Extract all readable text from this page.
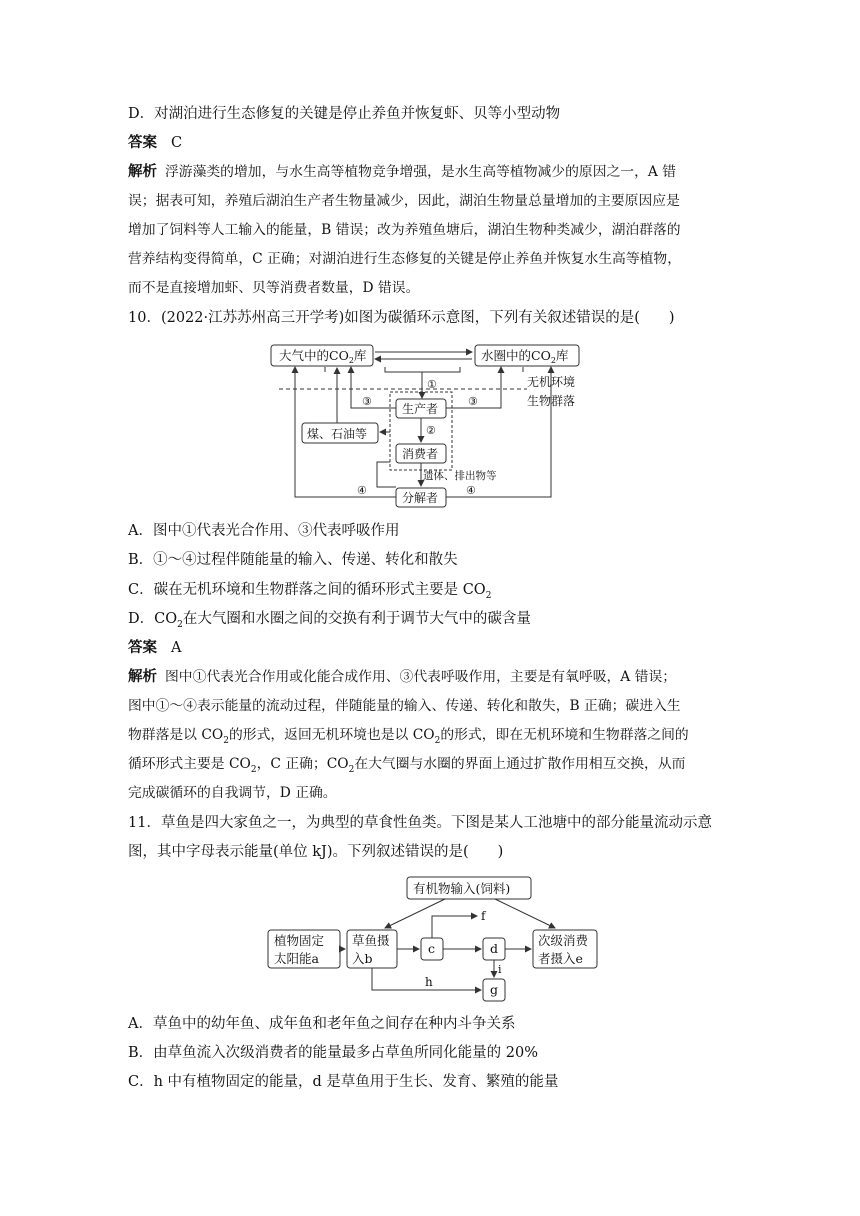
D．对湖泊进行生态修复的关键是停止养鱼并恢复虾、贝等小型动物
答案 C
解析 浮游藻类的增加，与水生高等植物竞争增强，是水生高等植物减少的原因之一，A 错
误；据表可知，养殖后湖泊生产者生物量减少，因此，湖泊生物量总量增加的主要原因应是
增加了饲料等人工输入的能量，B 错误；改为养殖鱼塘后，湖泊生物种类减少，湖泊群落的
营养结构变得简单，C 正确；对湖泊进行生态修复的关键是停止养鱼并恢复水生高等植物，
而不是直接增加虾、贝等消费者数量，D 错误。
10．(2022·江苏苏州高三开学考)如图为碳循环示意图，下列有关叙述错误的是(　　)
大气中的$CO_2$库	水圈中的$CO_2$库
无机环境
生物群落
①
生产者
②
消费者
③	③
煤、石油等
遗体、排出物等
分解者
④	④
A．图中①代表光合作用、③代表呼吸作用
B．①～④过程伴随能量的输入、传递、转化和散失
C．碳在无机环境和生物群落之间的循环形式主要是 $CO_2$
D．$CO_2$在大气圈和水圈之间的交换有利于调节大气中的碳含量
答案 A
解析 图中①代表光合作用或化能合成作用、③代表呼吸作用，主要是有氧呼吸，A 错误；
图中①～④表示能量的流动过程，伴随能量的输入、传递、转化和散失，B 正确；碳进入生
物群落是以 $CO_2$的形式，返回无机环境也是以 $CO_2$的形式，即在无机环境和生物群落之间的
循环形式主要是 $CO_2$，C 正确；$CO_2$在大气圈与水圈的界面上通过扩散作用相互交换，从而
完成碳循环的自我调节，D 正确。
11．草鱼是四大家鱼之一，为典型的草食性鱼类。下图是某人工池塘中的部分能量流动示意
图，其中字母表示能量(单位 kJ)。下列叙述错误的是(　　)
有机物输入(饲料)
植物固定
太阳能a
草鱼摄
入b
c
f
d
次级消费
者摄入e
i
g
h
A．草鱼中的幼年鱼、成年鱼和老年鱼之间存在种内斗争关系
B．由草鱼流入次级消费者的能量最多占草鱼所同化能量的 20%
C．h 中有植物固定的能量，d 是草鱼用于生长、发育、繁殖的能量
